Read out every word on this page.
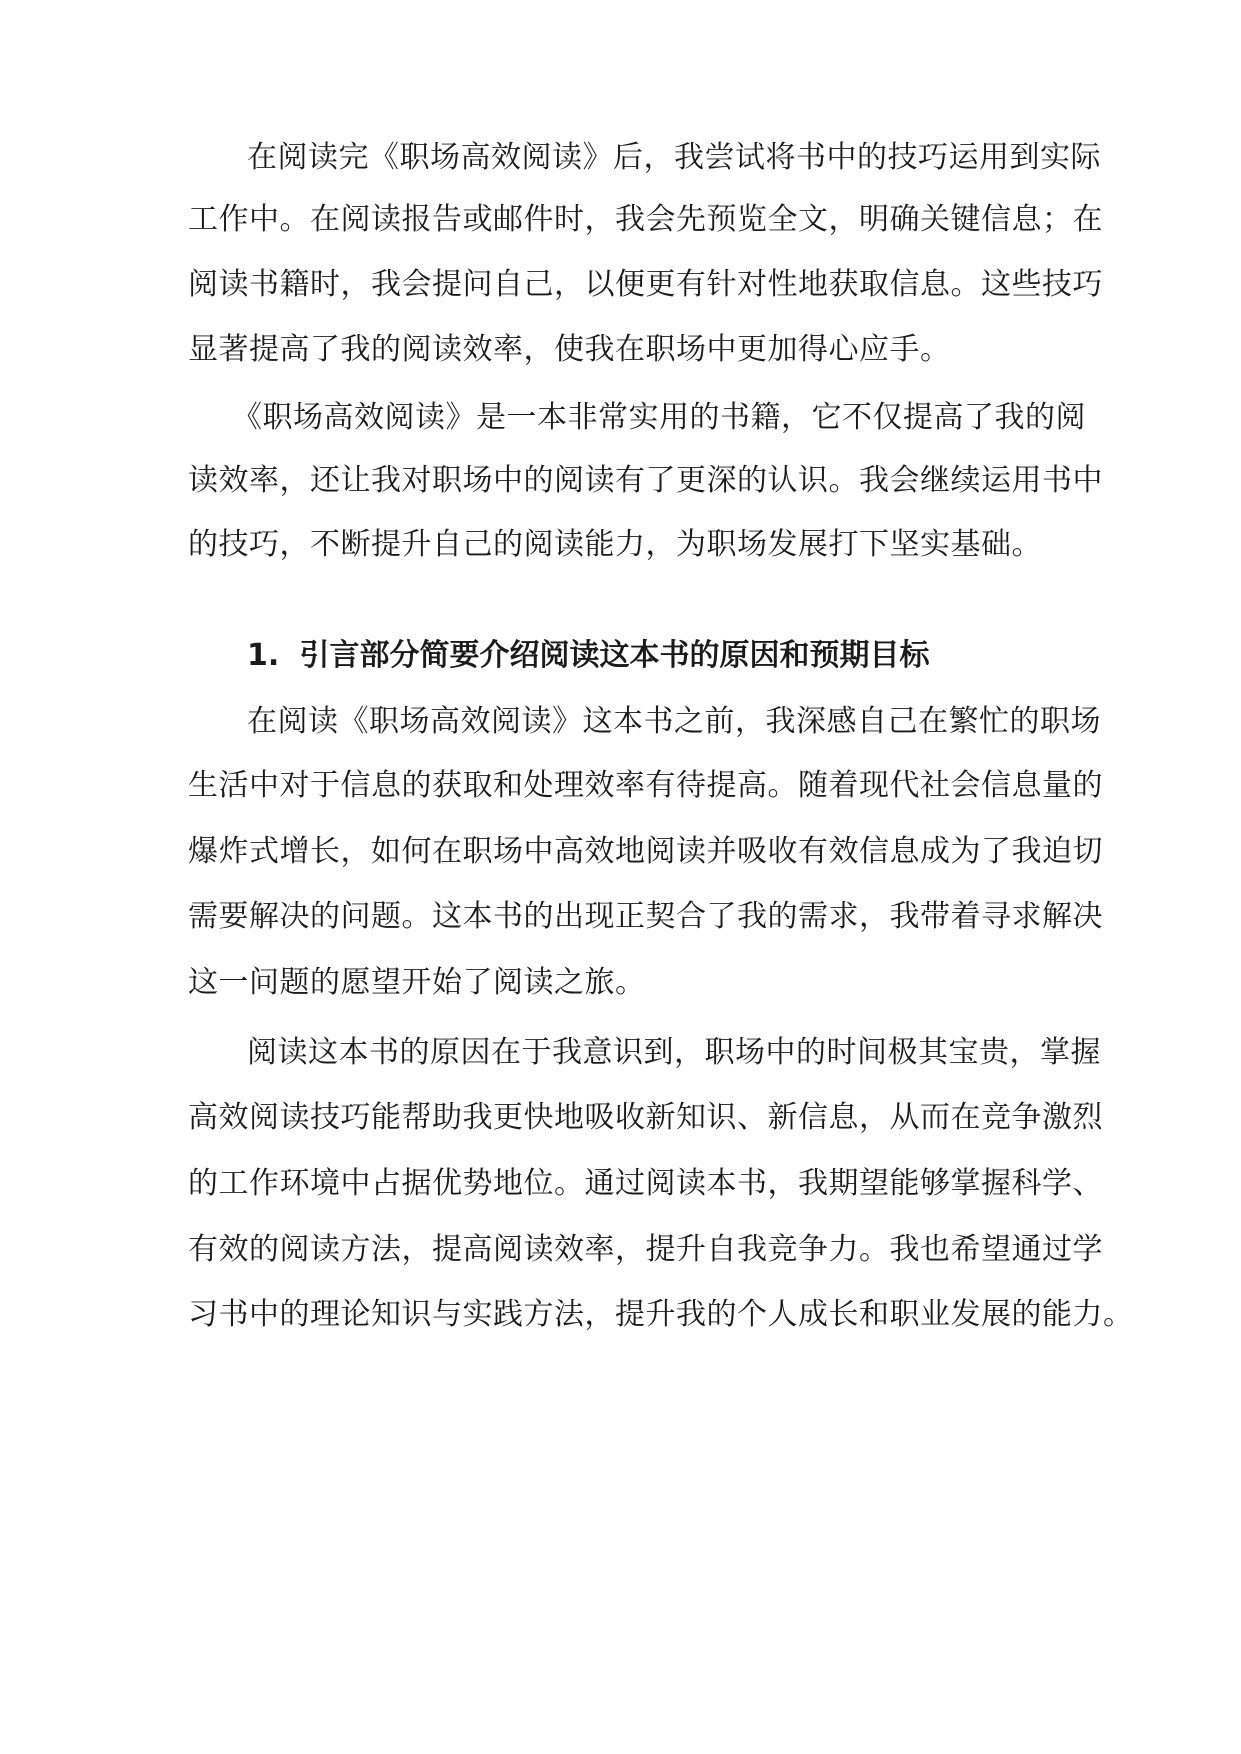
在阅读完《职场高效阅读》后，我尝试将书中的技巧运用到实际
工作中。在阅读报告或邮件时，我会先预览全文，明确关键信息；在
阅读书籍时，我会提问自己，以便更有针对性地获取信息。这些技巧
显著提高了我的阅读效率，使我在职场中更加得心应手。
《职场高效阅读》是一本非常实用的书籍，它不仅提高了我的阅
读效率，还让我对职场中的阅读有了更深的认识。我会继续运用书中
的技巧，不断提升自己的阅读能力，为职场发展打下坚实基础。
1. 引言部分简要介绍阅读这本书的原因和预期目标
在阅读《职场高效阅读》这本书之前，我深感自己在繁忙的职场
生活中对于信息的获取和处理效率有待提高。随着现代社会信息量的
爆炸式增长，如何在职场中高效地阅读并吸收有效信息成为了我迫切
需要解决的问题。这本书的出现正契合了我的需求，我带着寻求解决
这一问题的愿望开始了阅读之旅。
阅读这本书的原因在于我意识到，职场中的时间极其宝贵，掌握
高效阅读技巧能帮助我更快地吸收新知识、新信息，从而在竞争激烈
的工作环境中占据优势地位。通过阅读本书，我期望能够掌握科学、
有效的阅读方法，提高阅读效率，提升自我竞争力。我也希望通过学
习书中的理论知识与实践方法，提升我的个人成长和职业发展的能力。
